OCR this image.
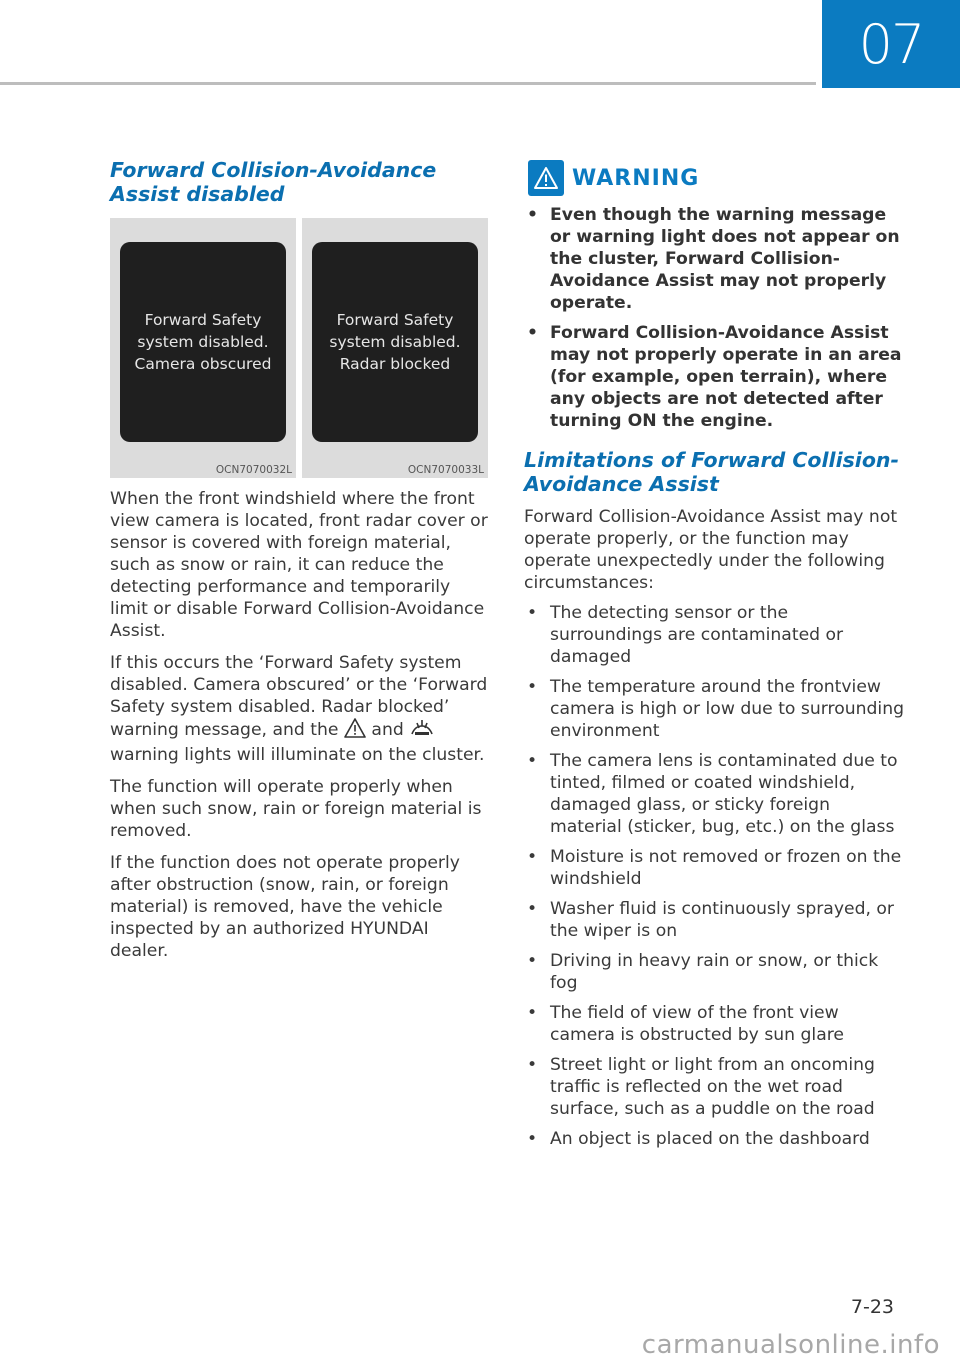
07
Forward Collision-Avoidance Assist disabled
Forward Safety
system disabled.
Camera obscured
OCN7070032L
Forward Safety
system disabled.
Radar blocked
OCN7070033L

When the front windshield where the front view camera is located, front radar cover or sensor is covered with foreign material, such as snow or rain, it can reduce the detecting performance and temporarily limit or disable Forward Collision-Avoidance Assist.

If this occurs the ‘Forward Safety system disabled. Camera obscured’ or the ‘Forward Safety system disabled. Radar blocked’ warning message, and the and  warning lights will illuminate on the cluster.

The function will operate properly when when such snow, rain or foreign material is removed.

If the function does not operate properly after obstruction (snow, rain, or foreign material) is removed, have the vehicle inspected by an authorized HYUNDAI dealer.

WARNING
• Even though the warning message or warning light does not appear on the cluster, Forward Collision-Avoidance Assist may not properly operate.
• Forward Collision-Avoidance Assist may not properly operate in an area (for example, open terrain), where any objects are not detected after turning ON the engine.
Limitations of Forward Collision-Avoidance Assist

Forward Collision-Avoidance Assist may not operate properly, or the function may operate unexpectedly under the following circumstances:

• The detecting sensor or the surroundings are contaminated or damaged
• The temperature around the frontview camera is high or low due to surrounding environment
• The camera lens is contaminated due to tinted, filmed or coated windshield, damaged glass, or sticky foreign material (sticker, bug, etc.) on the glass
• Moisture is not removed or frozen on the windshield
• Washer fluid is continuously sprayed, or the wiper is on
• Driving in heavy rain or snow, or thick fog
• The field of view of the front view camera is obstructed by sun glare
• Street light or light from an oncoming traffic is reflected on the wet road surface, such as a puddle on the road
• An object is placed on the dashboard
7-23
carmanualsonline.info
